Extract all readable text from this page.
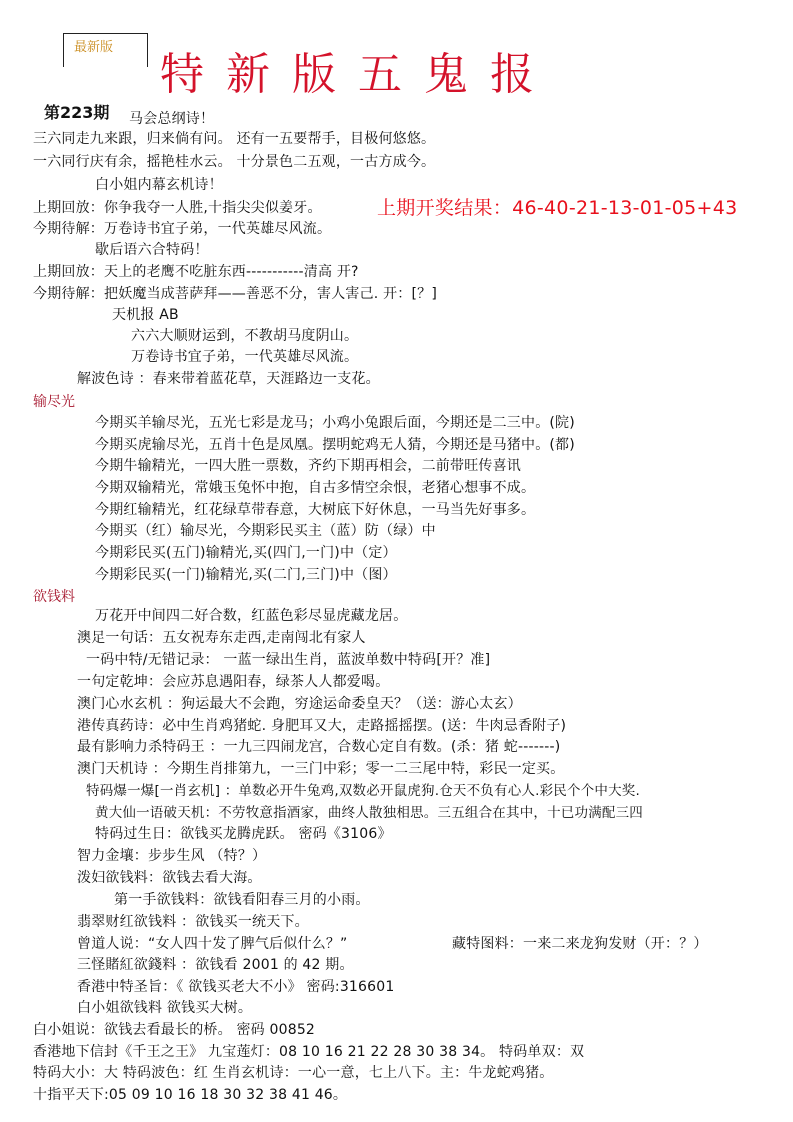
最新版
特新版五鬼报
第223期 马会总纲诗！
三六同走九来跟，归来倘有问。 还有一五要帮手，目极何悠悠。
一六同行庆有余，摇艳桂水云。 十分景色二五观，一古方成今。
白小姐内幕玄机诗！
上期回放：你争我夺一人胜,十指尖尖似姜牙。	上期开奖结果：46-40-21-13-01-05+43
今期待解：万卷诗书宜子弟，一代英雄尽风流。
歇后语六合特码！
上期回放：天上的老鹰不吃脏东西-----------清高 开?
今期待解：把妖魔当成菩萨拜——善恶不分，害人害己. 开：[？]
天机报 AB
六六大顺财运到，不教胡马度阴山。
万卷诗书宜子弟，一代英雄尽风流。
解波色诗 ：春来带着蓝花草，天涯路边一支花。
输尽光
今期买羊输尽光，五光七彩是龙马；小鸡小兔跟后面，今期还是二三中。(院)
今期买虎输尽光，五肖十色是凤凰。摆明蛇鸡无人猜，今期还是马猪中。(都)
今期牛输精光，一四大胜一票数，齐约下期再相会，二前带旺传喜讯
今期双输精光，常娥玉兔怀中抱，自古多情空余恨，老猪心想事不成。
今期红输精光，红花绿草带春意，大树底下好休息，一马当先好事多。
今期买（红）输尽光，今期彩民买主（蓝）防（绿）中
今期彩民买(五门)输精光,买(四门,一门)中（定）
今期彩民买(一门)输精光,买(二门,三门)中（图）
欲钱料
万花开中间四二好合数，红蓝色彩尽显虎藏龙居。
澳足一句话：五女祝寿东走西,走南闯北有家人
一码中特/无错记录： 一蓝一绿出生肖，蓝波单数中特码[开？准]
一句定乾坤：会应苏息遇阳春，绿茶人人都爱喝。
澳门心水玄机 ：狗运最大不会跑，穷途运命委皇天？（送：游心太玄）
港传真药诗：必中生肖鸡猪蛇. 身肥耳又大，走路摇摇摆。(送：牛肉忌香附子)
最有影响力杀特码王 ：一九三四闹龙宫，合数心定自有数。(杀：猪 蛇-------)
澳门天机诗 ：今期生肖排第九，一三门中彩；零一二三尾中特，彩民一定买。
特码爆一爆[一肖玄机] ：单数必开牛兔鸡,双数必开鼠虎狗.仓天不负有心人.彩民个个中大奖.
黄大仙一语破天机：不劳牧意指酒家，曲终人散独相思。三五组合在其中，十已功满配三四
特码过生日：欲钱买龙腾虎跃。 密码《3106》
智力金壤：步步生风 （特？）
泼妇欲钱料：欲钱去看大海。
第一手欲钱料：欲钱看阳春三月的小雨。
翡翠财红欲钱料 ：欲钱买一统天下。
曾道人说：“女人四十发了脾气后似什么？”	藏特图料：一来二来龙狗发财（开：？）
三怪賭紅欲錢料 ：欲钱看 2001 的 42 期。
香港中特圣旨：《 欲钱买老大不小》 密码:316601
白小姐欲钱料 欲钱买大树。
白小姐说：欲钱去看最长的桥。 密码 00852
香港地下信封《千王之王》 九宝莲灯：08 10 16 21 22 28 30 38 34。 特码单双：双
特码大小：大 特码波色：红 生肖玄机诗：一心一意，七上八下。主：牛龙蛇鸡猪。
十指平天下:05 09 10 16 18 30 32 38 41 46。
